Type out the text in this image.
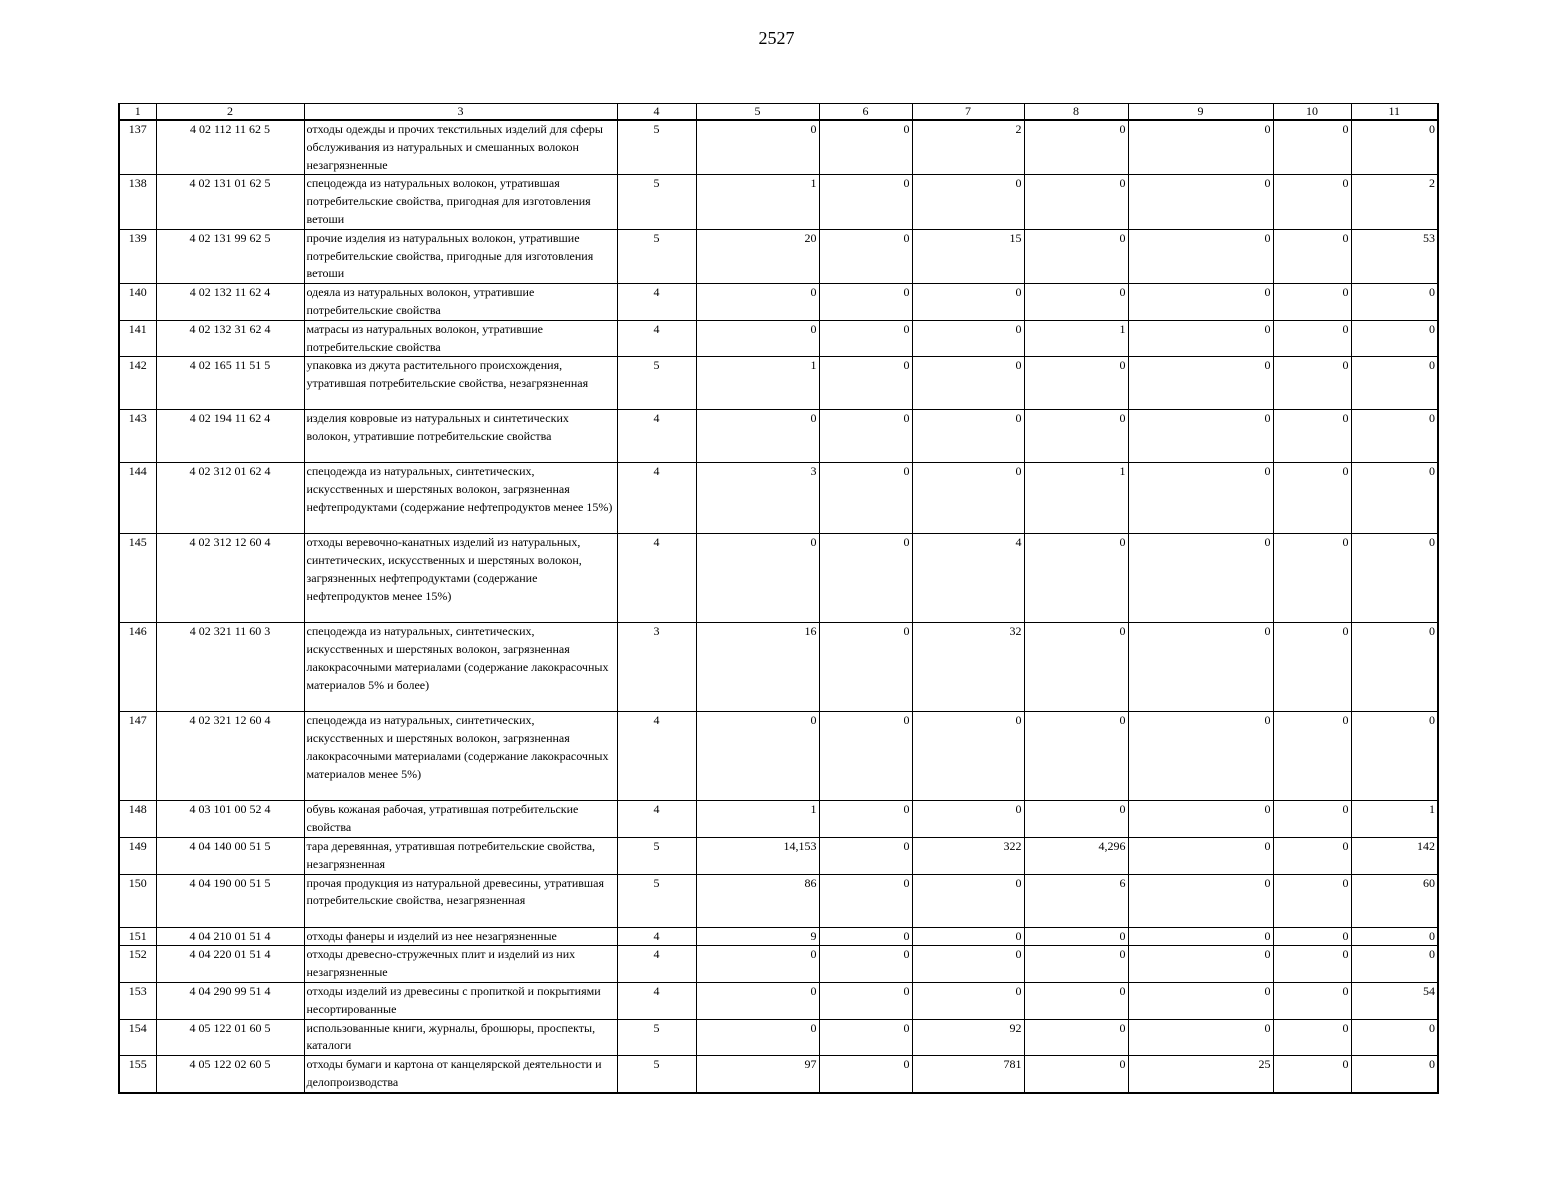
2527
1	2	3	4	5	6	7	8	9	10	11
137	4 02 112 11 62 5	отходы одежды и прочих текстильных изделий для сферы обслуживания из натуральных и смешанных волокон незагрязненные	5	0	0	2	0	0	0	0
138	4 02 131 01 62 5	спецодежда из натуральных волокон, утратившая потребительские свойства, пригодная для изготовления ветоши	5	1	0	0	0	0	0	2
139	4 02 131 99 62 5	прочие изделия из натуральных волокон, утратившие потребительские свойства, пригодные для изготовления ветоши	5	20	0	15	0	0	0	53
140	4 02 132 11 62 4	одеяла из натуральных волокон, утратившие потребительские свойства	4	0	0	0	0	0	0	0
141	4 02 132 31 62 4	матрасы из натуральных волокон, утратившие потребительские свойства	4	0	0	0	1	0	0	0
142	4 02 165 11 51 5	упаковка из джута растительного происхождения, утратившая потребительские свойства, незагрязненная	5	1	0	0	0	0	0	0
143	4 02 194 11 62 4	изделия ковровые из натуральных и синтетических волокон, утратившие потребительские свойства	4	0	0	0	0	0	0	0
144	4 02 312 01 62 4	спецодежда из натуральных, синтетических, искусственных и шерстяных волокон, загрязненная нефтепродуктами (содержание нефтепродуктов менее 15%)	4	3	0	0	1	0	0	0
145	4 02 312 12 60 4	отходы веревочно-канатных изделий из натуральных, синтетических, искусственных и шерстяных волокон, загрязненных нефтепродуктами (содержание нефтепродуктов менее 15%)	4	0	0	4	0	0	0	0
146	4 02 321 11 60 3	спецодежда из натуральных, синтетических, искусственных и шерстяных волокон, загрязненная лакокрасочными материалами (содержание лакокрасочных материалов 5% и более)	3	16	0	32	0	0	0	0
147	4 02 321 12 60 4	спецодежда из натуральных, синтетических, искусственных и шерстяных волокон, загрязненная лакокрасочными материалами (содержание лакокрасочных материалов менее 5%)	4	0	0	0	0	0	0	0
148	4 03 101 00 52 4	обувь кожаная рабочая, утратившая потребительские свойства	4	1	0	0	0	0	0	1
149	4 04 140 00 51 5	тара деревянная, утратившая потребительские свойства, незагрязненная	5	14,153	0	322	4,296	0	0	142
150	4 04 190 00 51 5	прочая продукция из натуральной древесины, утратившая потребительские свойства, незагрязненная	5	86	0	0	6	0	0	60
151	4 04 210 01 51 4	отходы фанеры и изделий из нее незагрязненные	4	9	0	0	0	0	0	0
152	4 04 220 01 51 4	отходы древесно-стружечных плит и изделий из них незагрязненные	4	0	0	0	0	0	0	0
153	4 04 290 99 51 4	отходы изделий из древесины с пропиткой и покрытиями несортированные	4	0	0	0	0	0	0	54
154	4 05 122 01 60 5	использованные книги, журналы, брошюры, проспекты, каталоги	5	0	0	92	0	0	0	0
155	4 05 122 02 60 5	отходы бумаги и картона от канцелярской деятельности и делопроизводства	5	97	0	781	0	25	0	0
